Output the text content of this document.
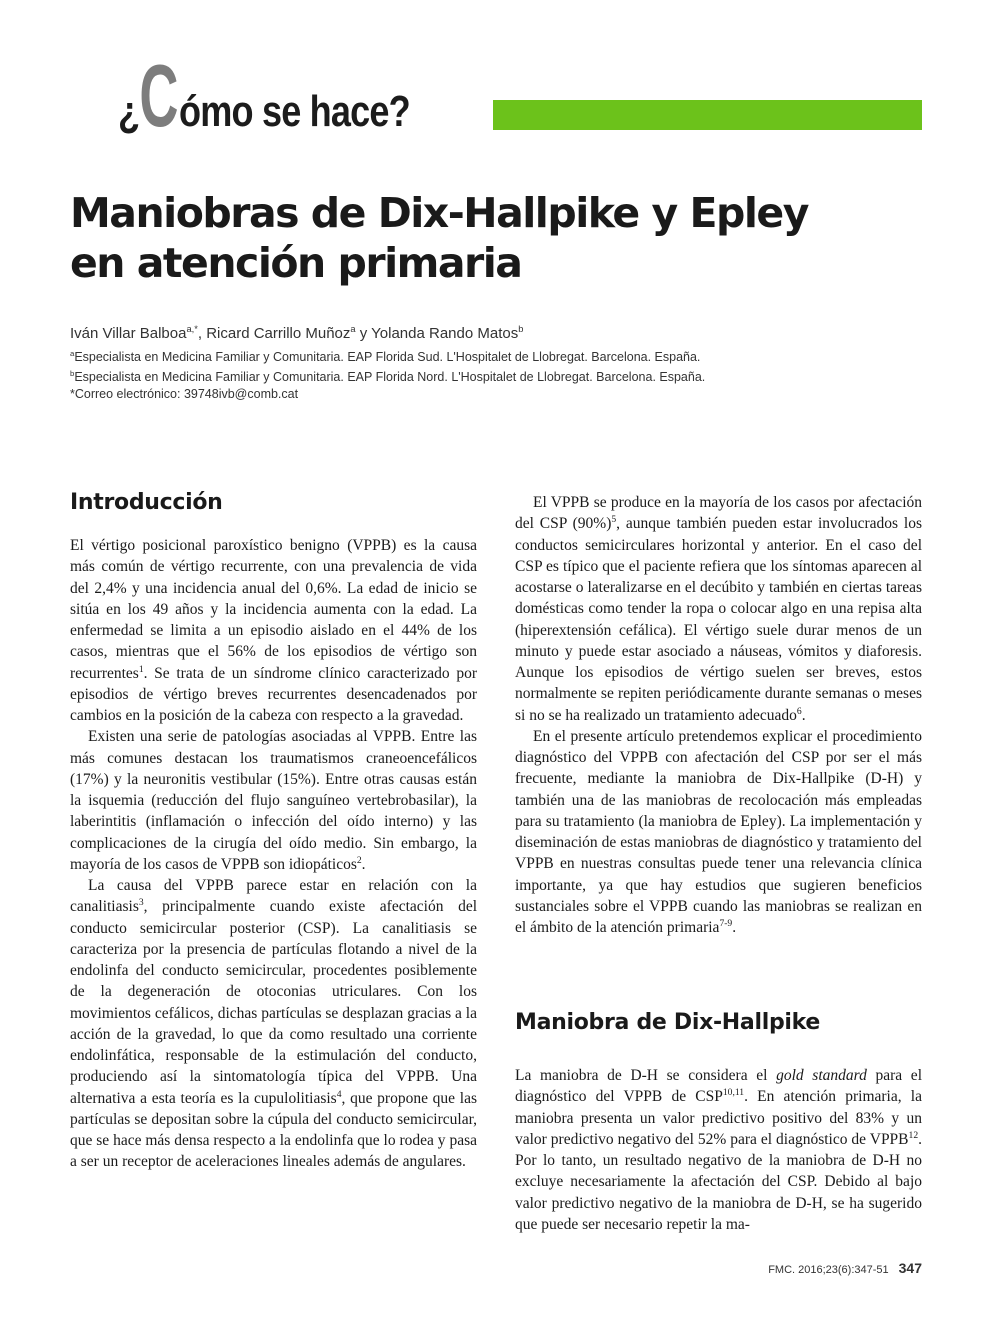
¿Cómo se hace?
Maniobras de Dix-Hallpike y Epley
en atención primaria
Iván Villar Balboa$^{a,*}$, Ricard Carrillo Muñoz$^a$ y Yolanda Rando Matos$^b$
$^a$Especialista en Medicina Familiar y Comunitaria. EAP Florida Sud. L'Hospitalet de Llobregat. Barcelona. España.
$^b$Especialista en Medicina Familiar y Comunitaria. EAP Florida Nord. L'Hospitalet de Llobregat. Barcelona. España.
*Correo electrónico: 39748ivb@comb.cat
Introducción

El vértigo posicional paroxístico benigno (VPPB) es la causa más común de vértigo recurrente, con una prevalencia de vida del 2,4% y una incidencia anual del 0,6%. La edad de inicio se sitúa en los 49 años y la incidencia aumenta con la edad. La enfermedad se limita a un episodio aislado en el 44% de los casos, mientras que el 56% de los episodios de vértigo son recurrentes$^1$. Se trata de un síndrome clínico caracterizado por episodios de vértigo breves recurrentes desencadenados por cambios en la posición de la cabeza con respecto a la gravedad.

Existen una serie de patologías asociadas al VPPB. Entre las más comunes destacan los traumatismos craneoencefálicos (17%) y la neuronitis vestibular (15%). Entre otras causas están la isquemia (reducción del flujo sanguíneo vertebrobasilar), la laberintitis (inflamación o infección del oído interno) y las complicaciones de la cirugía del oído medio. Sin embargo, la mayoría de los casos de VPPB son idiopáticos$^2$.

La causa del VPPB parece estar en relación con la canalitiasis$^3$, principalmente cuando existe afectación del conducto semicircular posterior (CSP). La canalitiasis se caracteriza por la presencia de partículas flotando a nivel de la endolinfa del conducto semicircular, procedentes posiblemente de la degeneración de otoconias utriculares. Con los movimientos cefálicos, dichas partículas se desplazan gracias a la acción de la gravedad, lo que da como resultado una corriente endolinfática, responsable de la estimulación del conducto, produciendo así la sintomatología típica del VPPB. Una alternativa a esta teoría es la cupulolitiasis$^4$, que propone que las partículas se depositan sobre la cúpula del conducto semicircular, que se hace más densa respecto a la endolinfa que lo rodea y pasa a ser un receptor de aceleraciones lineales además de angulares.

El VPPB se produce en la mayoría de los casos por afectación del CSP $(90\%)^5$, aunque también pueden estar involucrados los conductos semicirculares horizontal y anterior. En el caso del CSP es típico que el paciente refiera que los síntomas aparecen al acostarse o lateralizarse en el decúbito y también en ciertas tareas domésticas como tender la ropa o colocar algo en una repisa alta (hiperextensión cefálica). El vértigo suele durar menos de un minuto y puede estar asociado a náuseas, vómitos y diaforesis. Aunque los episodios de vértigo suelen ser breves, estos normalmente se repiten periódicamente durante semanas o meses si no se ha realizado un tratamiento adecuado$^6$.

En el presente artículo pretendemos explicar el procedimiento diagnóstico del VPPB con afectación del CSP por ser el más frecuente, mediante la maniobra de Dix-Hallpike (D-H) y también una de las maniobras de recolocación más empleadas para su tratamiento (la maniobra de Epley). La implementación y diseminación de estas maniobras de diagnóstico y tratamiento del VPPB en nuestras consultas puede tener una relevancia clínica importante, ya que hay estudios que sugieren beneficios sustanciales sobre el VPPB cuando las maniobras se realizan en el ámbito de la atención primaria$^{7-9}$.

Maniobra de Dix-Hallpike

La maniobra de D-H se considera el gold standard para el diagnóstico del VPPB de CSP$^{10,11}$. En atención primaria, la maniobra presenta un valor predictivo positivo del 83% y un valor predictivo negativo del 52% para el diagnóstico de VPPB$^{12}$. Por lo tanto, un resultado negativo de la maniobra de D-H no excluye necesariamente la afectación del CSP. Debido al bajo valor predictivo negativo de la maniobra de D-H, se ha sugerido que puede ser necesario repetir la ma-

FMC. 2016;23(6):347-51 347
